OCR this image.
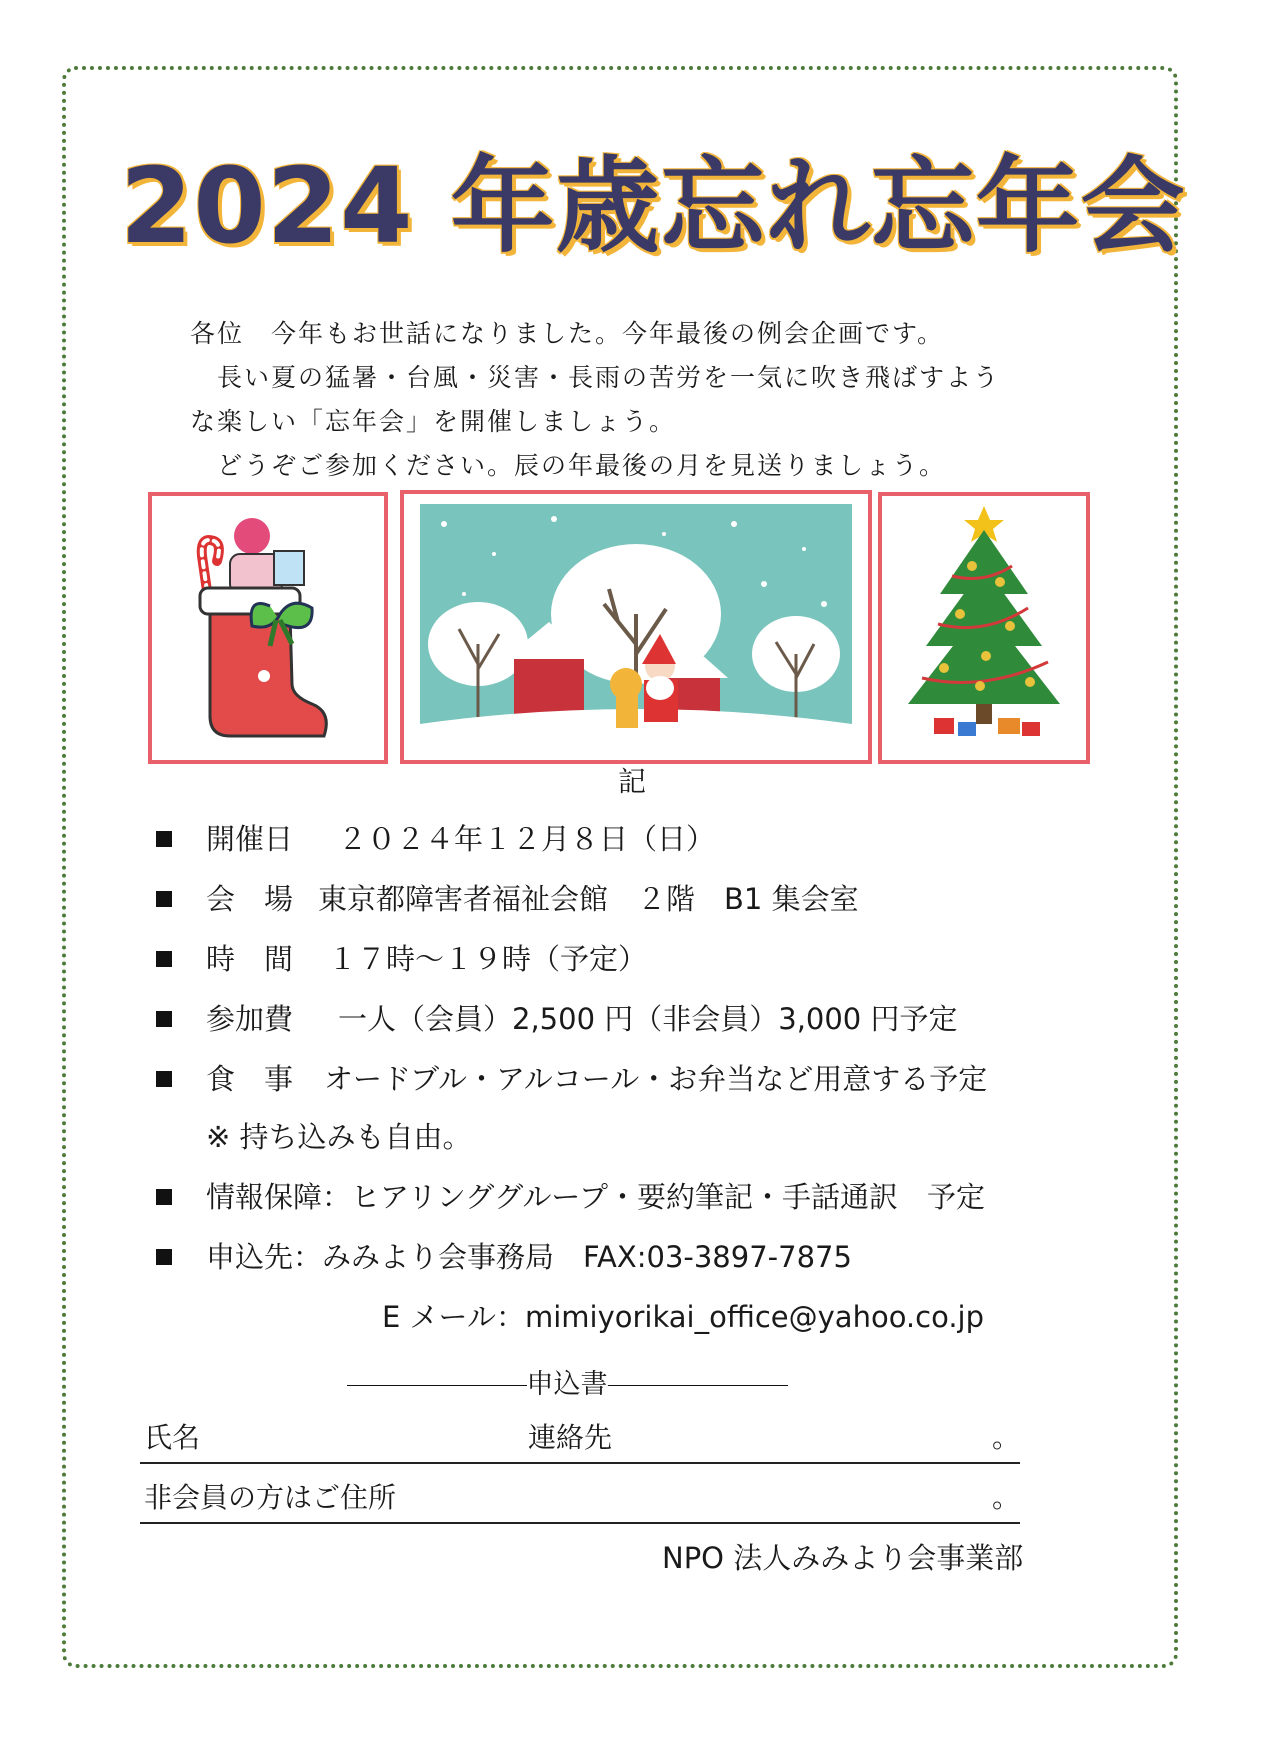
2024 年歳忘れ忘年会

各位　今年もお世話になりました。今年最後の例会企画です。

　長い夏の猛暑・台風・災害・長雨の苦労を一気に吹き飛ばすよう

な楽しい「忘年会」を開催しましょう。

　どうぞご参加ください。辰の年最後の月を見送りましょう。

記
開催日	２０２４年１２月８日（日）
会　場 東京都障害者福祉会館　２階　B1 集会室
時　間	１７時～１９時（予定）
参加費	一人（会員）2,500 円（非会員）3,000 円予定
食　事	オードブル・アルコール・お弁当など用意する予定
※ 持ち込みも自由。
情報保障：ヒアリンググループ・要約筆記・手話通訳　予定
申込先：みみより会事務局　FAX:03-3897-7875
E メール：mimiyorikai_office@yahoo.co.jp
申込書
氏名	連絡先	。
非会員の方はご住所	。
NPO 法人みみより会事業部
